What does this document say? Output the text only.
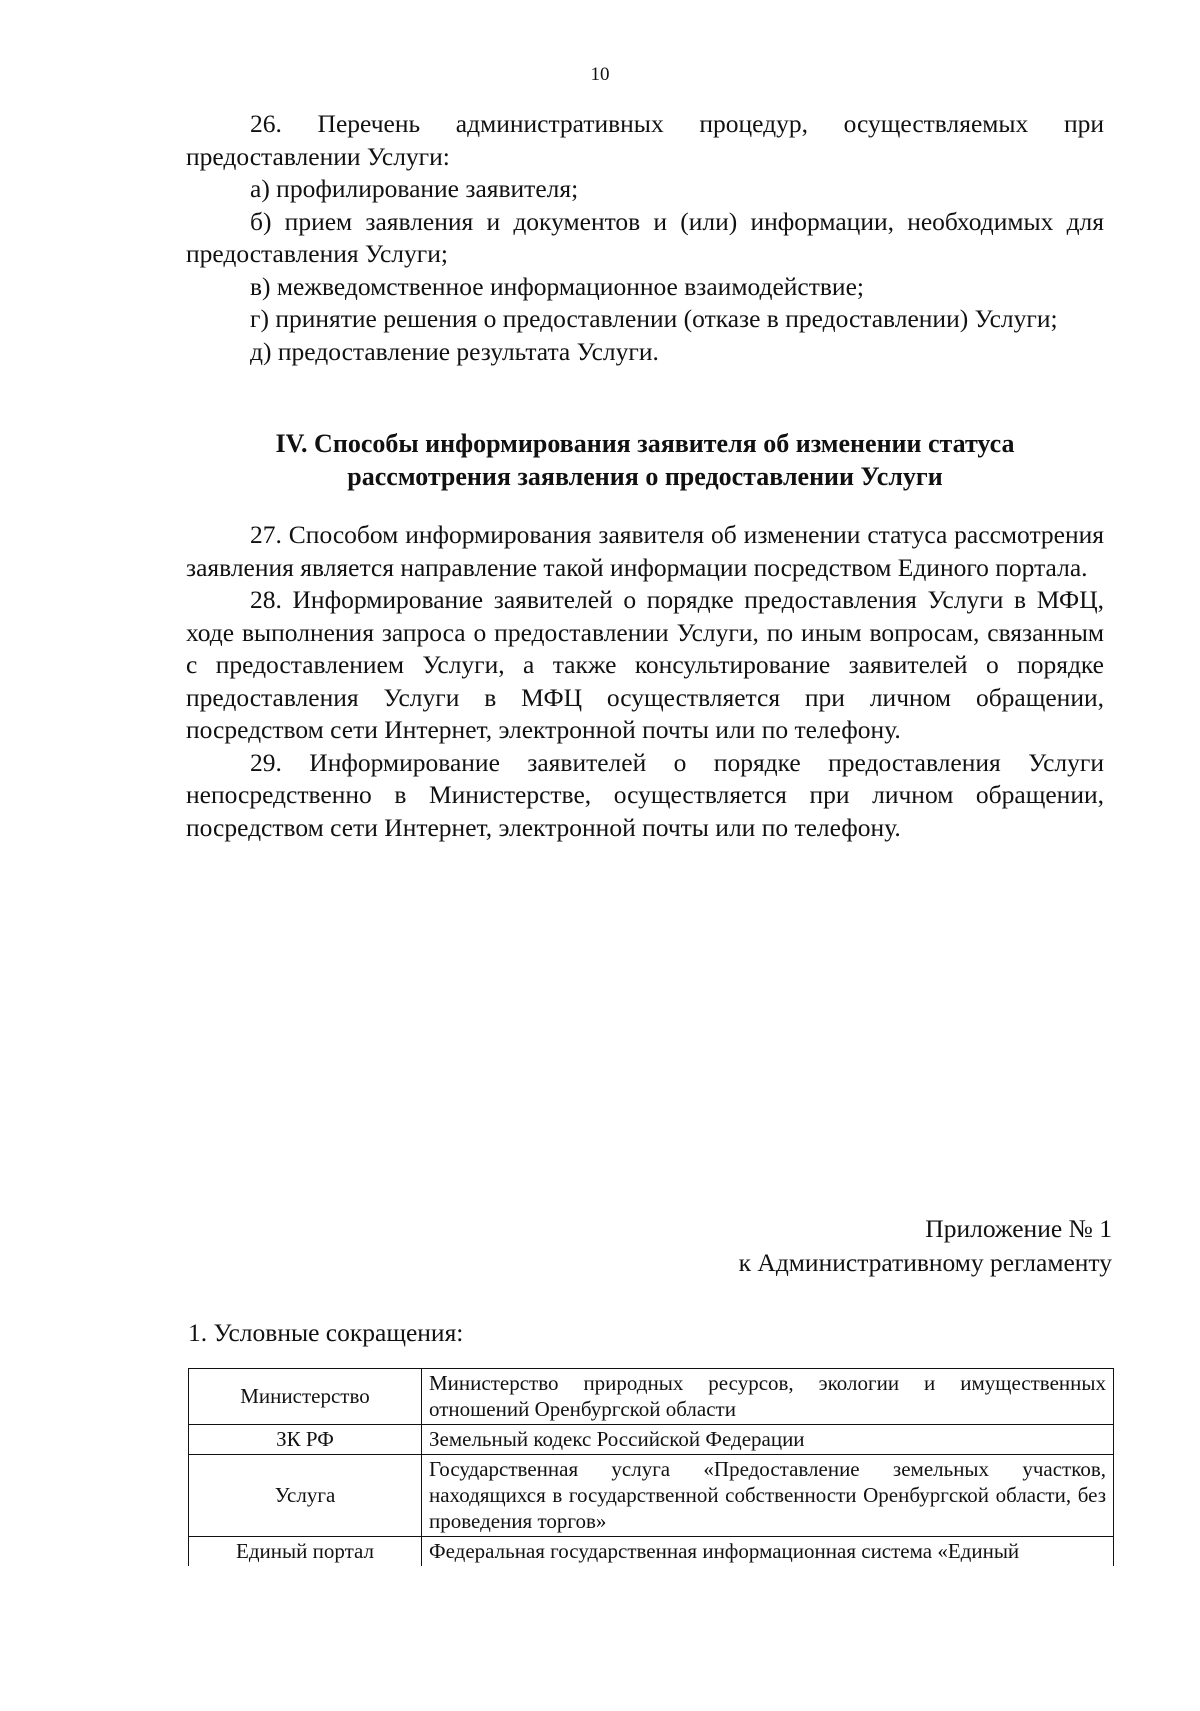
10

26. Перечень административных процедур, осуществляемых при предоставлении Услуги:

а) профилирование заявителя;

б) прием заявления и документов и (или) информации, необходимых для предоставления Услуги;

в) межведомственное информационное взаимодействие;

г) принятие решения о предоставлении (отказе в предоставлении) Услуги;

д) предоставление результата Услуги.

IV. Способы информирования заявителя об изменении статуса
рассмотрения заявления о предоставлении Услуги

27. Способом информирования заявителя об изменении статуса рассмотрения заявления является направление такой информации посредством Единого портала.

28. Информирование заявителей о порядке предоставления Услуги в МФЦ, ходе выполнения запроса о предоставлении Услуги, по иным вопросам, связанным с предоставлением Услуги, а также консультирование заявителей о порядке предоставления Услуги в МФЦ осуществляется при личном обращении, посредством сети Интернет, электронной почты или по телефону.

29. Информирование заявителей о порядке предоставления Услуги непосредственно в Министерстве, осуществляется при личном обращении, посредством сети Интернет, электронной почты или по телефону.

Приложение № 1
к Административному регламенту

1. Условные сокращения:

Министерство	Министерство природных ресурсов, экологии и имущественных отношений Оренбургской области
ЗК РФ	Земельный кодекс Российской Федерации
Услуга	Государственная услуга «Предоставление земельных участков, находящихся в государственной собственности Оренбургской области, без проведения торгов»
Единый портал	Федеральная государственная информационная система «Единый
